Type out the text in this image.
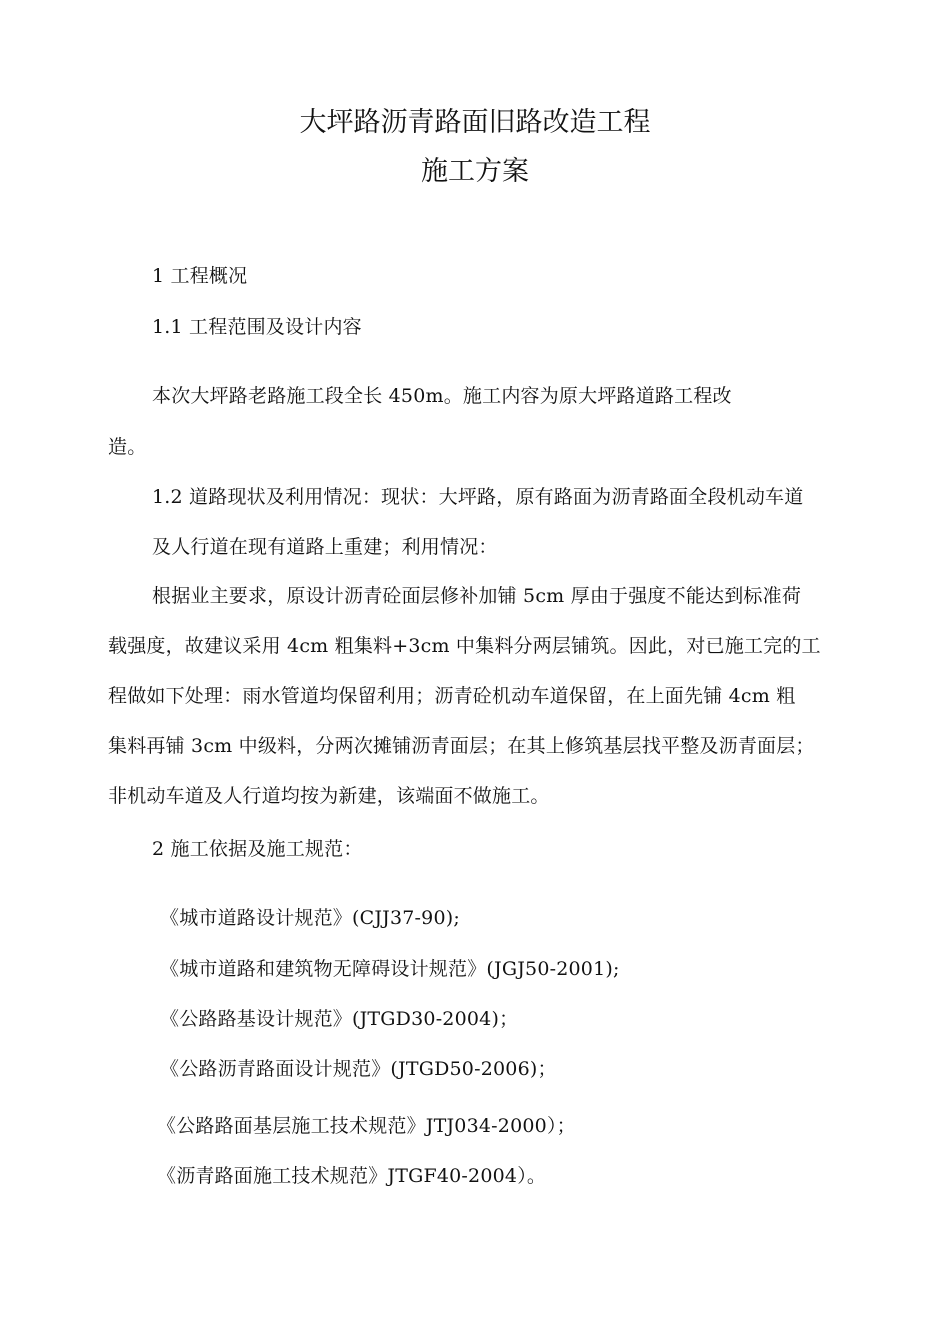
大坪路沥青路面旧路改造工程
施工方案
1 工程概况
1.1 工程范围及设计内容
本次大坪路老路施工段全长 450m。施工内容为原大坪路道路工程改
造。
1.2 道路现状及利用情况：现状：大坪路，原有路面为沥青路面全段机动车道
及人行道在现有道路上重建；利用情况：
根据业主要求，原设计沥青砼面层修补加铺 5cm 厚由于强度不能达到标准荷
载强度，故建议采用 4cm 粗集料+3cm 中集料分两层铺筑。因此，对已施工完的工
程做如下处理：雨水管道均保留利用；沥青砼机动车道保留，在上面先铺 4cm 粗
集料再铺 3cm 中级料，分两次摊铺沥青面层；在其上修筑基层找平整及沥青面层；
非机动车道及人行道均按为新建，该端面不做施工。
2 施工依据及施工规范：
《城市道路设计规范》(CJJ37-90);
《城市道路和建筑物无障碍设计规范》(JGJ50-2001);
《公路路基设计规范》(JTGD30-2004)；
《公路沥青路面设计规范》(JTGD50-2006)；
《公路路面基层施工技术规范》JTJ034-2000）；
《沥青路面施工技术规范》JTGF40-2004）。
